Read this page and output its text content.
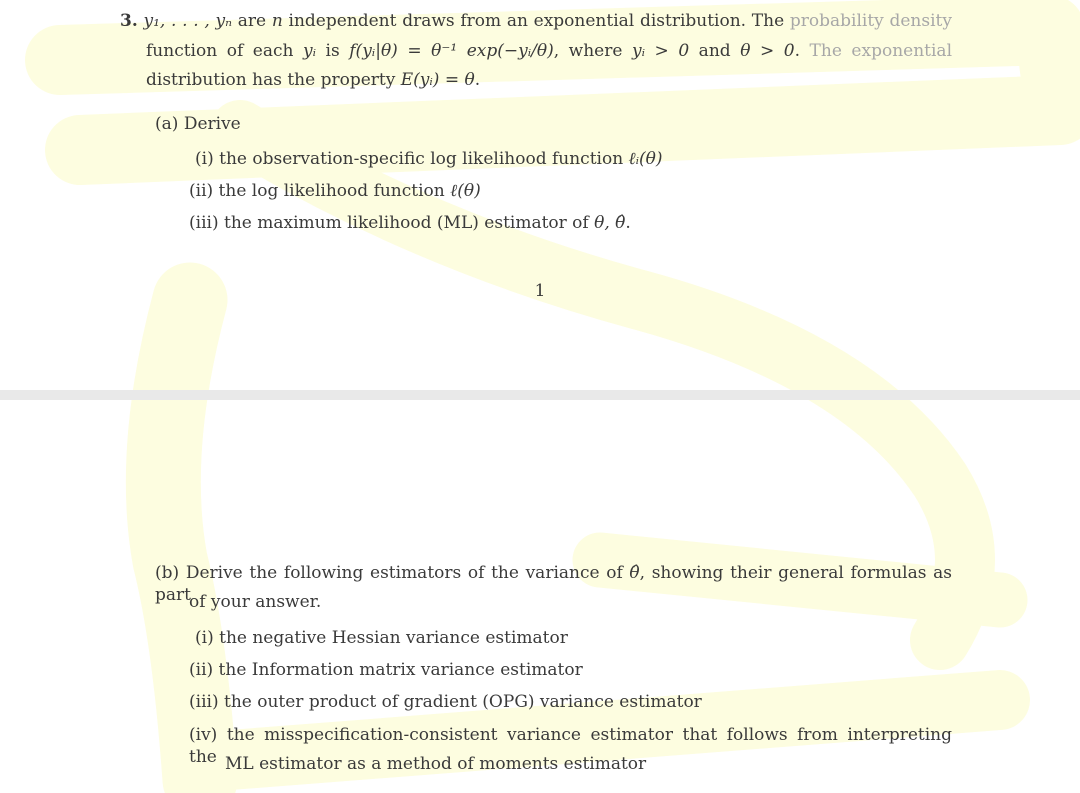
3. y₁, . . . , yₙ are n independent draws from an exponential distribution. The probability density
function of each yᵢ is f(yᵢ|θ) = θ⁻¹ exp(−yᵢ/θ), where yᵢ > 0 and θ > 0. The exponential
distribution has the property E(yᵢ) = θ.
(a) Derive
(i) the observation-specific log likelihood function ℓᵢ(θ)
(ii) the log likelihood function ℓ(θ)
(iii) the maximum likelihood (ML) estimator of θ, θ̂.
1
(b) Derive the following estimators of the variance of θ̂, showing their general formulas as part
of your answer.
(i) the negative Hessian variance estimator
(ii) the Information matrix variance estimator
(iii) the outer product of gradient (OPG) variance estimator
(iv) the misspecification-consistent variance estimator that follows from interpreting the ML estimator as a method of moments estimator
